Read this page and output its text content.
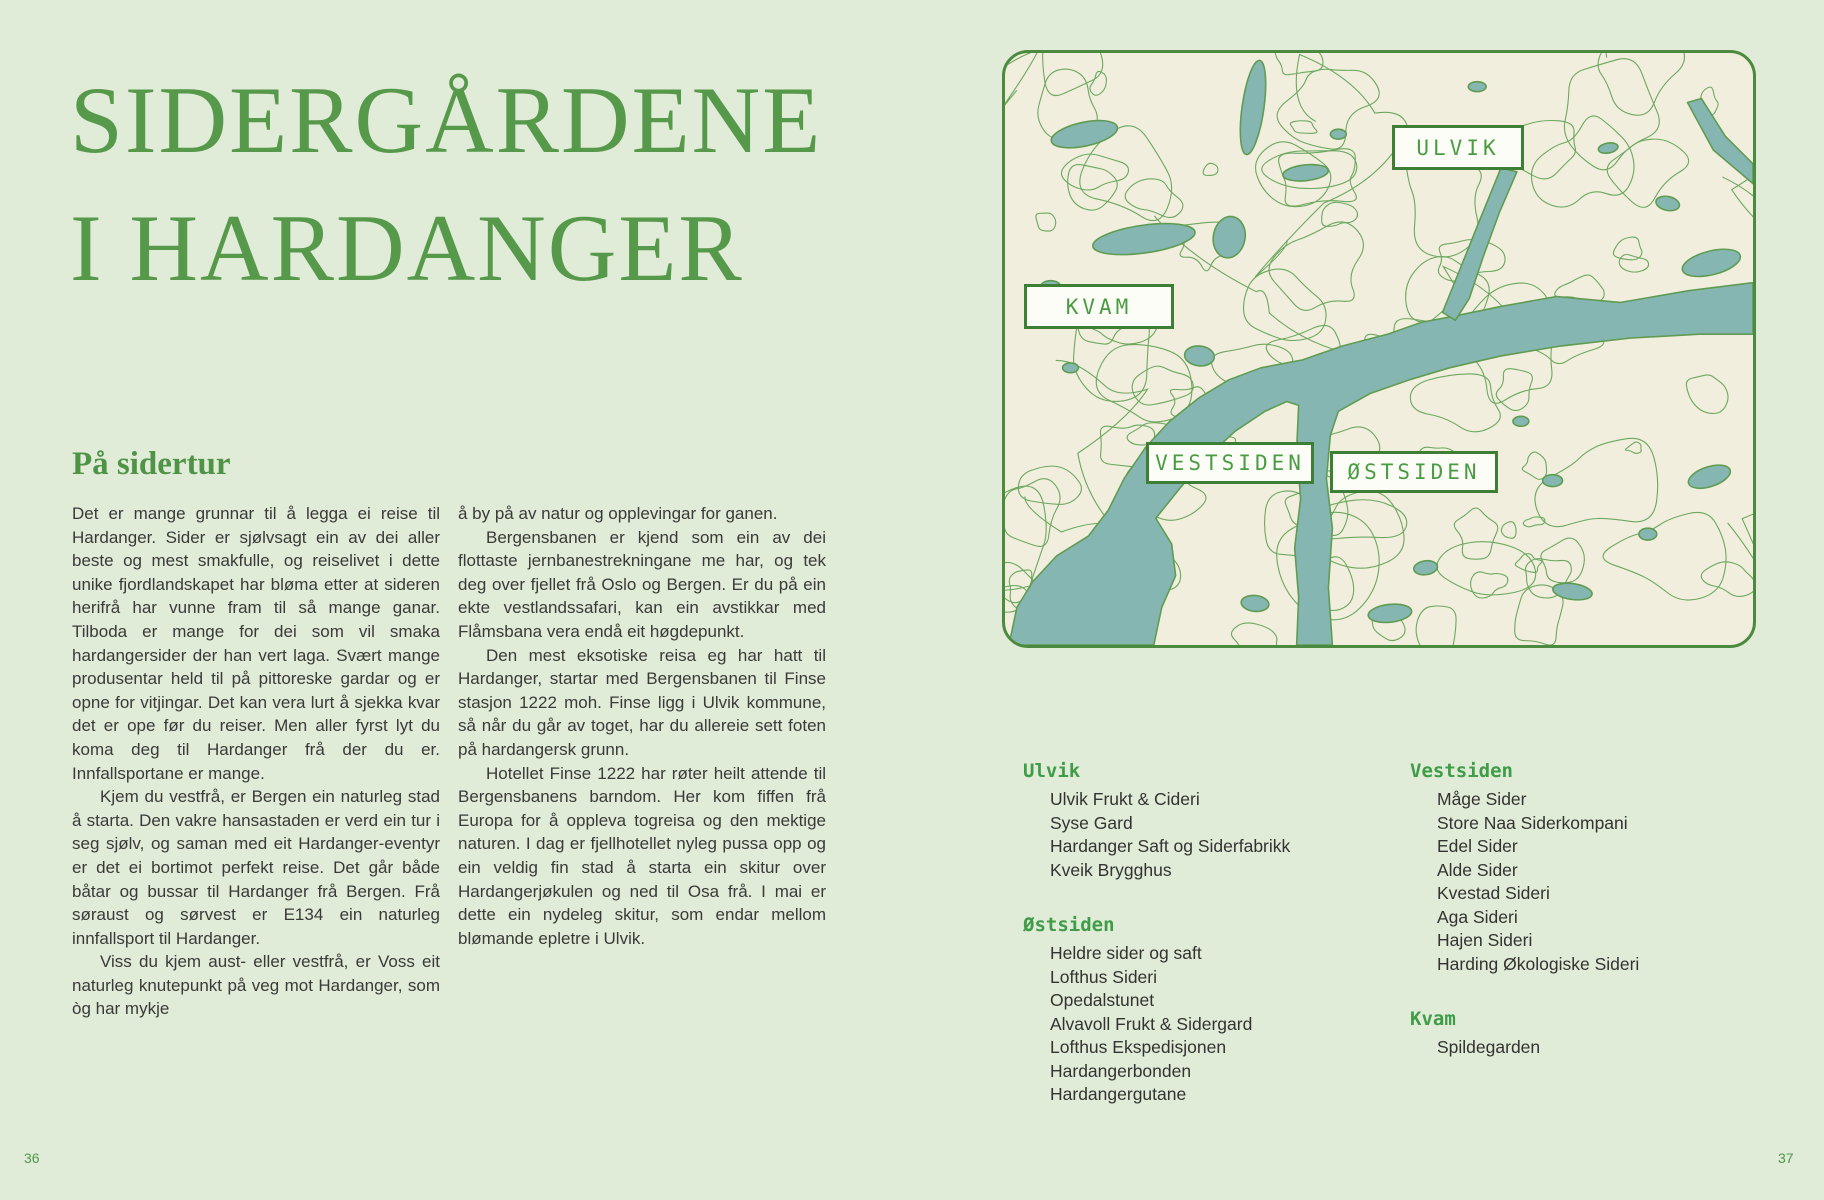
SIDERGÅRDENE
I HARDANGER
På sidertur

Det er mange grunnar til å legga ei reise til Hardanger. Sider er sjølvsagt ein av dei aller beste og mest smakfulle, og reiselivet i dette unike fjordlandskapet har bløma etter at sideren herifrå har vunne fram til så mange ganar. Tilboda er mange for dei som vil smaka hardangersider der han vert laga. Svært mange produsentar held til på pittoreske gardar og er opne for vitjingar. Det kan vera lurt å sjekka kvar det er ope før du reiser. Men aller fyrst lyt du koma deg til Hardanger frå der du er. Innfallsportane er mange.

Kjem du vestfrå, er Bergen ein naturleg stad å starta. Den vakre hansastaden er verd ein tur i seg sjølv, og saman med eit Hardanger-eventyr er det ei bortimot perfekt reise. Det går både båtar og bussar til Hardanger frå Bergen. Frå søraust og sørvest er E134 ein naturleg innfallsport til Hardanger.

Viss du kjem aust- eller vestfrå, er Voss eit naturleg knutepunkt på veg mot Hardanger, som òg har mykje

å by på av natur og opplevingar for ganen.

Bergensbanen er kjend som ein av dei flottaste jernbanestrekningane me har, og tek deg over fjellet frå Oslo og Bergen. Er du på ein ekte vestlandssafari, kan ein avstikkar med Flåmsbana vera endå eit høgdepunkt.

Den mest eksotiske reisa eg har hatt til Hardanger, startar med Bergensbanen til Finse stasjon 1222 moh. Finse ligg i Ulvik kommune, så når du går av toget, har du allereie sett foten på hardangersk grunn.

Hotellet Finse 1222 har røter heilt attende til Bergensbanens barndom. Her kom fiffen frå Europa for å oppleva togreisa og den mektige naturen. I dag er fjellhotellet nyleg pussa opp og ein veldig fin stad å starta ein skitur over Hardangerjøkulen og ned til Osa frå. I mai er dette ein nydeleg skitur, som endar mellom blømande epletre i Ulvik.

36
ULVIK
KVAM
VESTSIDEN	ØSTSIDEN
Ulvik
Ulvik Frukt & Cideri
Syse Gard
Hardanger Saft og Siderfabrikk
Kveik Brygghus
Østsiden
Heldre sider og saft
Lofthus Sideri
Opedalstunet
Alvavoll Frukt & Sidergard
Lofthus Ekspedisjonen
Hardangerbonden
Hardangergutane
Vestsiden
Måge Sider
Store Naa Siderkompani
Edel Sider
Alde Sider
Kvestad Sideri
Aga Sideri
Hajen Sideri
Harding Økologiske Sideri
Kvam
Spildegarden
37
